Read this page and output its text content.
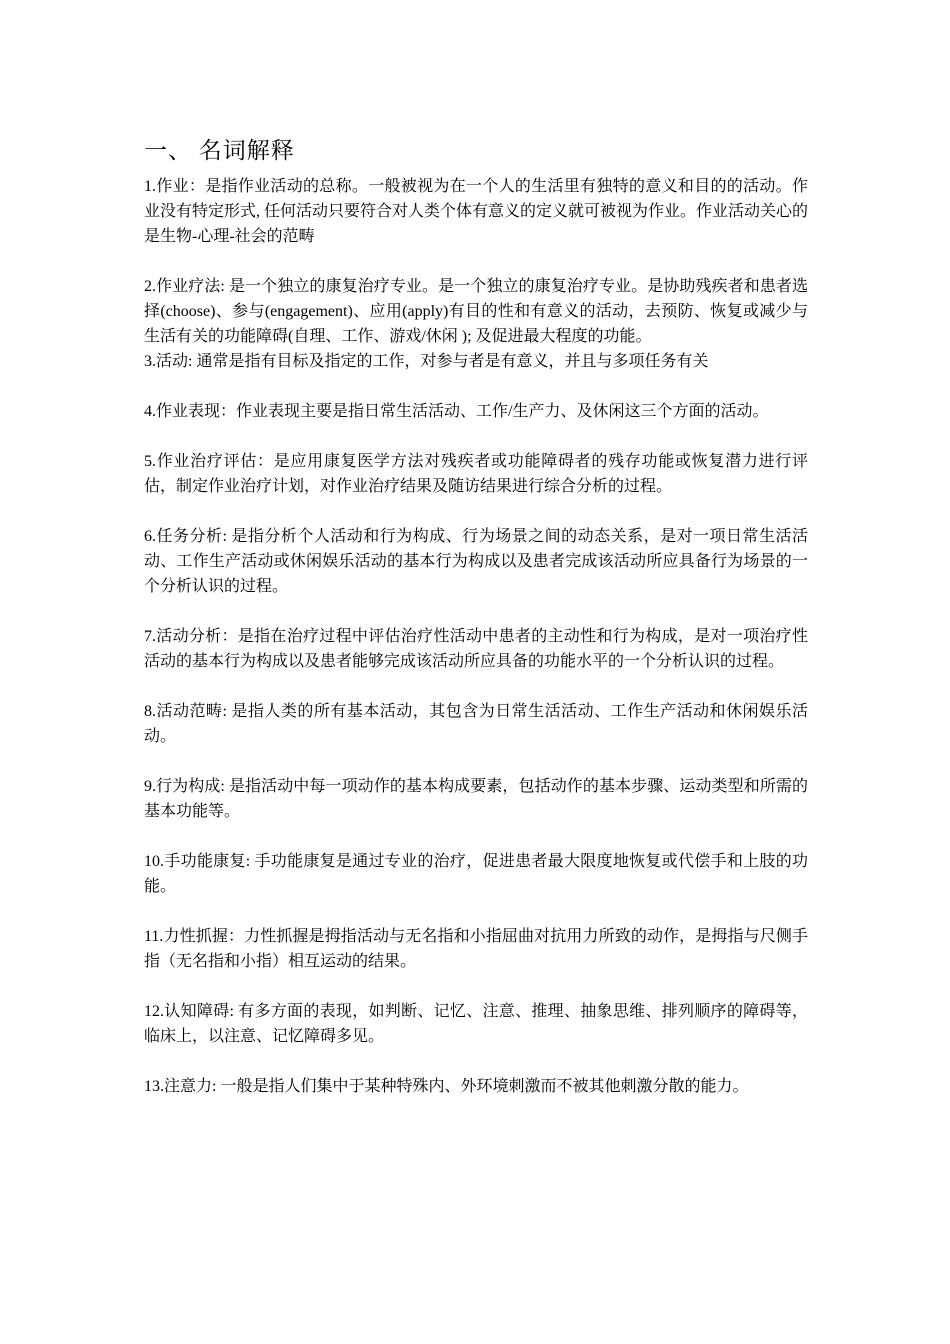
一、 名词解释

1.作业：是指作业活动的总称。一般被视为在一个人的生活里有独特的意义和目的的活动。作业没有特定形式, 任何活动只要符合对人类个体有意义的定义就可被视为作业。作业活动关心的是生物-心理-社会的范畴

2.作业疗法: 是一个独立的康复治疗专业。是一个独立的康复治疗专业。是协助残疾者和患者选择(choose)、参与(engagement)、应用(apply)有目的性和有意义的活动，去预防、恢复或减少与生活有关的功能障碍(自理、工作、游戏/休闲 ); 及促进最大程度的功能。

3.活动: 通常是指有目标及指定的工作，对参与者是有意义，并且与多项任务有关

4.作业表现：作业表现主要是指日常生活活动、工作/生产力、及休闲这三个方面的活动。

5.作业治疗评估：是应用康复医学方法对残疾者或功能障碍者的残存功能或恢复潜力进行评估，制定作业治疗计划，对作业治疗结果及随访结果进行综合分析的过程。

6.任务分析: 是指分析个人活动和行为构成、行为场景之间的动态关系，是对一项日常生活活动、工作生产活动或休闲娱乐活动的基本行为构成以及患者完成该活动所应具备行为场景的一个分析认识的过程。

7.活动分析：是指在治疗过程中评估治疗性活动中患者的主动性和行为构成，是对一项治疗性活动的基本行为构成以及患者能够完成该活动所应具备的功能水平的一个分析认识的过程。

8.活动范畴: 是指人类的所有基本活动，其包含为日常生活活动、工作生产活动和休闲娱乐活动。

9.行为构成: 是指活动中每一项动作的基本构成要素，包括动作的基本步骤、运动类型和所需的基本功能等。

10.手功能康复: 手功能康复是通过专业的治疗，促进患者最大限度地恢复或代偿手和上肢的功能。

11.力性抓握：力性抓握是拇指活动与无名指和小指屈曲对抗用力所致的动作，是拇指与尺侧手指（无名指和小指）相互运动的结果。

12.认知障碍: 有多方面的表现，如判断、记忆、注意、推理、抽象思维、排列顺序的障碍等，临床上，以注意、记忆障碍多见。

13.注意力: 一般是指人们集中于某种特殊内、外环境刺激而不被其他刺激分散的能力。
